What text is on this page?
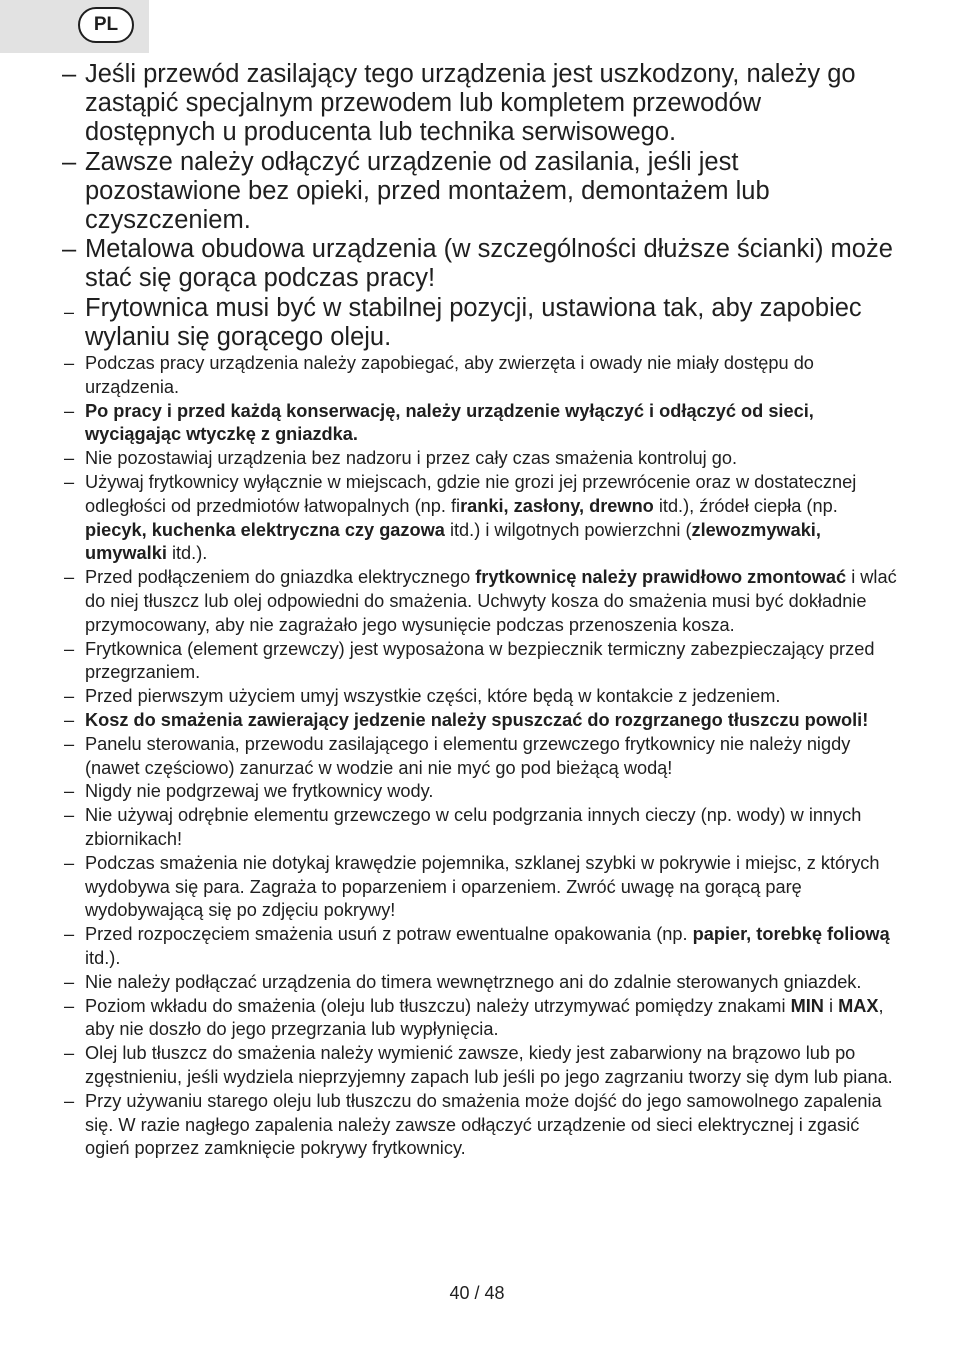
PL
– Jeśli przewód zasilający tego urządzenia jest uszkodzony, należy go zastąpić specjalnym przewodem lub kompletem przewodów dostępnych u producenta lub technika serwisowego.
– Zawsze należy odłączyć urządzenie od zasilania, jeśli jest pozostawione bez opieki, przed montażem, demontażem lub czyszczeniem.
– Metalowa obudowa urządzenia (w szczególności dłuższe ścianki) może stać się gorąca podczas pracy!
– Frytownica musi być w stabilnej pozycji, ustawiona tak, aby zapobiec wylaniu się gorącego oleju.
– Podczas pracy urządzenia należy zapobiegać, aby zwierzęta i owady nie miały dostępu do urządzenia.
– Po pracy i przed każdą konserwację, należy urządzenie wyłączyć i odłączyć od sieci, wyciągając wtyczkę z gniazdka.
– Nie pozostawiaj urządzenia bez nadzoru i przez cały czas smażenia kontroluj go.
– Używaj frytkownicy wyłącznie w miejscach, gdzie nie grozi jej przewrócenie oraz w dostatecznej odległości od przedmiotów łatwopalnych (np. firanki, zasłony, drewno itd.), źródeł ciepła (np. piecyk, kuchenka elektryczna czy gazowa itd.) i wilgotnych powierzchni (zlewozmywaki, umywalki itd.).
– Przed podłączeniem do gniazdka elektrycznego frytkownicę należy prawidłowo zmontować i wlać do niej tłuszcz lub olej odpowiedni do smażenia. Uchwyty kosza do smażenia musi być dokładnie przymocowany, aby nie zagrażało jego wysunięcie podczas przenoszenia kosza.
– Frytkownica (element grzewczy) jest wyposażona w bezpiecznik termiczny zabezpieczający przed przegrzaniem.
– Przed pierwszym użyciem umyj wszystkie części, które będą w kontakcie z jedzeniem.
– Kosz do smażenia zawierający jedzenie należy spuszczać do rozgrzanego tłuszczu powoli!
– Panelu sterowania, przewodu zasilającego i elementu grzewczego frytkownicy nie należy nigdy (nawet częściowo) zanurzać w wodzie ani nie myć go pod bieżącą wodą!
– Nigdy nie podgrzewaj we frytkownicy wody.
– Nie używaj odrębnie elementu grzewczego w celu podgrzania innych cieczy (np. wody) w innych zbiornikach!
– Podczas smażenia nie dotykaj krawędzie pojemnika, szklanej szybki w pokrywie i miejsc, z których wydobywa się para. Zagraża to poparzeniem i oparzeniem. Zwróć uwagę na gorącą parę wydobywającą się po zdjęciu pokrywy!
– Przed rozpoczęciem smażenia usuń z potraw ewentualne opakowania (np. papier, torebkę foliową itd.).
– Nie należy podłączać urządzenia do timera wewnętrznego ani do zdalnie sterowanych gniazdek.
– Poziom wkładu do smażenia (oleju lub tłuszczu) należy utrzymywać pomiędzy znakami MIN i MAX, aby nie doszło do jego przegrzania lub wypłynięcia.
– Olej lub tłuszcz do smażenia należy wymienić zawsze, kiedy jest zabarwiony na brązowo lub po zgęstnieniu, jeśli wydziela nieprzyjemny zapach lub jeśli po jego zagrzaniu tworzy się dym lub piana.
– Przy używaniu starego oleju lub tłuszczu do smażenia może dojść do jego samowolnego zapalenia się. W razie nagłego zapalenia należy zawsze odłączyć urządzenie od sieci elektrycznej i zgasić ogień poprzez zamknięcie pokrywy frytkownicy.
40 / 48
